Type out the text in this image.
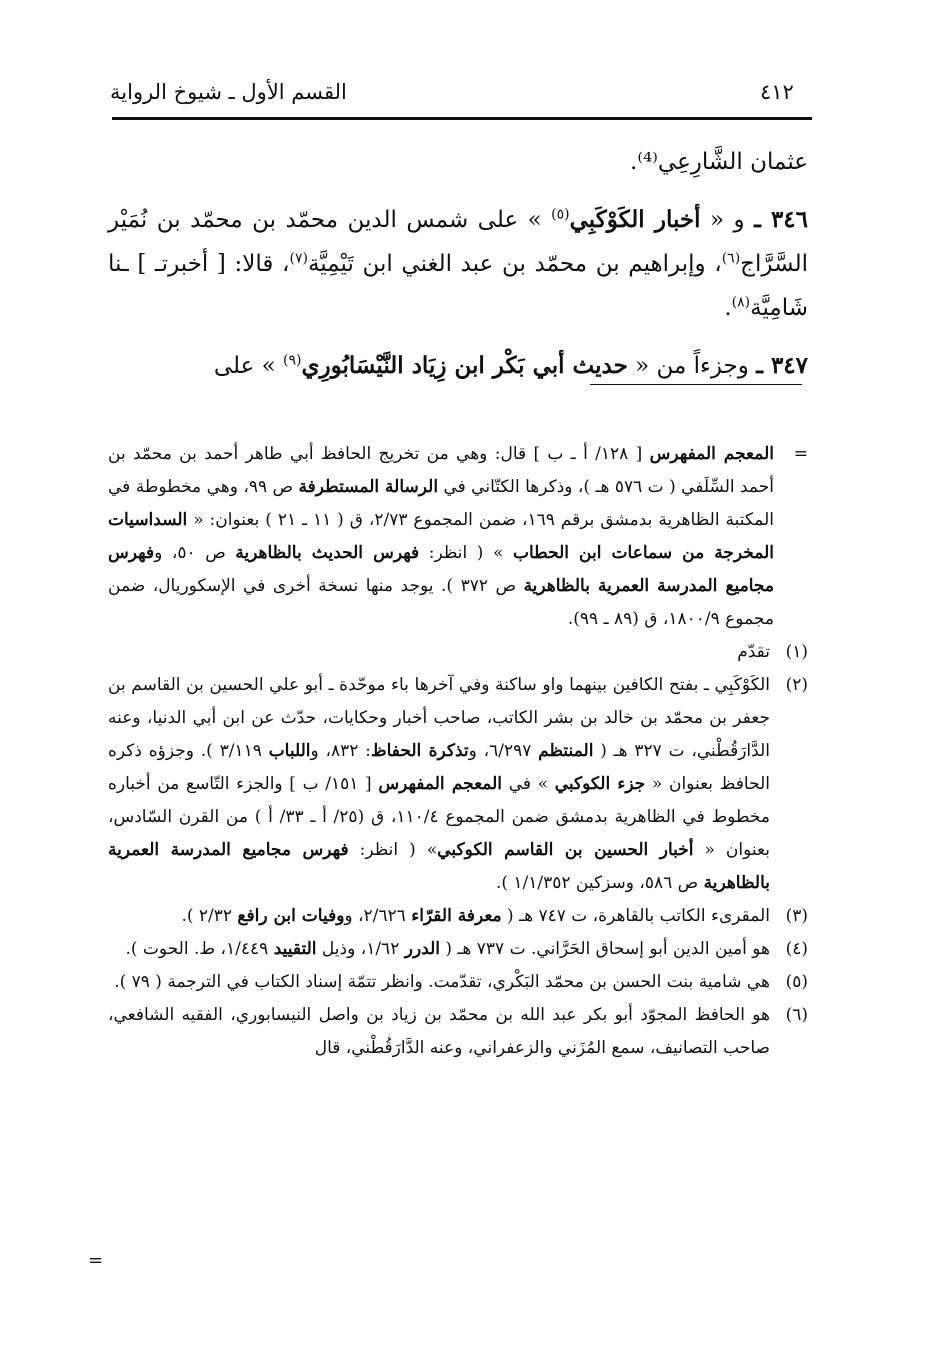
٤١٢
القسم الأول ـ شيوخ الرواية

عثمان الشَّارِعِي⁽⁴⁾.

٣٤٦ ـ و « أخبار الكَوْكَبِي$^{(٥)}$ » على شمس الدين محمّد بن محمّد بن نُمَيْر السَّرَّاج$^{(٦)}$، وإبراهيم بن محمّد بن عبد الغني ابن تَيْمِيَّة$^{(٧)}$، قالا: [ أخبرتـ ] ـنا شَامِيَّة$^{(٨)}$.

٣٤٧ ـ وجزءاً من « حديث أبي بَكْر ابن زِيَاد النَّيْسَابُورِي$^{(٩)}$ » على

=
المعجم المفهرس [ ١٢٨/ أ ـ ب ] قال: وهي من تخريج الحافظ أبي طاهر أحمد بن محمّد بن أحمد السِّلَفي ( ت ٥٧٦ هـ )، وذكرها الكتّاني في الرسالة المستطرفة ص ٩٩، وهي مخطوطة في المكتبة الظاهرية بدمشق برقم ١٦٩، ضمن المجموع ٢/٧٣، ق ( ١١ ـ ٢١ ) بعنوان: « السداسيات المخرجة من سماعات ابن الحطاب » ( انظر: فهرس الحديث بالظاهرية ص ٥٠، وفهرس مجاميع المدرسة العمرية بالظاهرية ص ٣٧٢ ). يوجد منها نسخة أخرى في الإسكوريال، ضمن مجموع ١٨٠٠/٩، ق (٨٩ ـ ٩٩).

(١)
تقدّم

(٢)
الكَوْكَبِي ـ بفتح الكافين بينهما واو ساكنة وفي آخرها باء موحّدة ـ أبو علي الحسين بن القاسم بن جعفر بن محمّد بن خالد بن بشر الكاتب، صاحب أخبار وحكايات، حدّث عن ابن أبي الدنيا، وعنه الدَّارَقُطْني، ت ٣٢٧ هـ ( المنتظم ٦/٢٩٧، وتذكرة الحفاظ: ٨٣٢، واللباب ٣/١١٩ ). وجزؤه ذكره الحافظ بعنوان « جزء الكوكبي » في المعجم المفهرس [ ١٥١/ ب ] والجزء التّاسع من أخباره مخطوط في الظاهرية بدمشق ضمن المجموع ١١٠/٤، ق (٢٥/ أ ـ ٣٣/ أ ) من القرن السّادس، بعنوان « أخبار الحسين بن القاسم الكوكبي» ( انظر: فهرس مجاميع المدرسة العمرية بالظاهرية ص ٥٨٦، وسزكين ١/١/٣٥٢ ).

(٣)
المقرىء الكاتب بالقاهرة، ت ٧٤٧ هـ ( معرفة القرّاء ٢/٦٢٦، ووفيات ابن رافع ٢/٣٢ ).

(٤)
هو أمين الدين أبو إسحاق الحَرَّاني. ت ٧٣٧ هـ ( الدرر ١/٦٢، وذيل التقييد ١/٤٤٩، ط. الحوت ).

(٥)
هي شامية بنت الحسن بن محمّد البَكْري، تقدّمت. وانظر تتمّة إسناد الكتاب في الترجمة ( ٧٩ ).

(٦)
هو الحافظ المجوّد أبو بكر عبد الله بن محمّد بن زياد بن واصل النيسابوري، الفقيه الشافعي، صاحب التصانيف، سمع المُزَني والزعفراني، وعنه الدَّارَقُطْني، قال

=
